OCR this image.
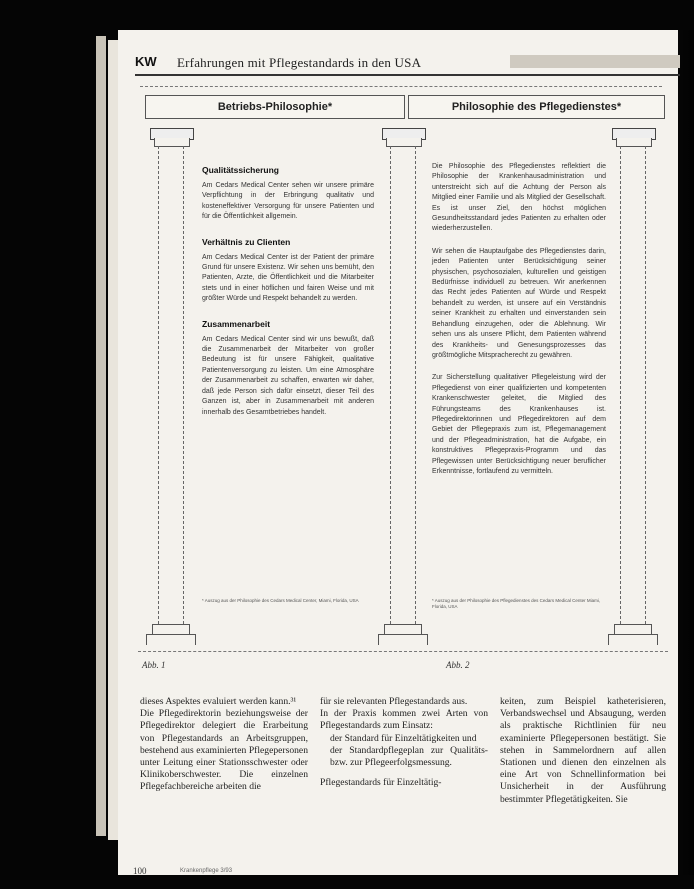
KW Erfahrungen mit Pflegestandards in den USA
Betriebs-Philosophie*	Philosophie des Pflegedienstes*
Qualitätssicherung

Am Cedars Medical Center sehen wir unsere primäre Verpflichtung in der Erbringung qualitativ und kosteneffektiver Versorgung für unsere Patienten und für die Öffentlichkeit allgemein.

Verhältnis zu Clienten

Am Cedars Medical Center ist der Patient der primäre Grund für unsere Existenz. Wir sehen uns bemüht, den Patienten, Arzte, die Öffentlichkeit und die Mitarbeiter stets und in einer höflichen und fairen Weise und mit größter Würde und Respekt behandelt zu werden.

Zusammenarbeit

Am Cedars Medical Center sind wir uns bewußt, daß die Zusammenarbeit der Mitarbeiter von großer Bedeutung ist für unsere Fähigkeit, qualitative Patientenversorgung zu leisten. Um eine Atmosphäre der Zusammenarbeit zu schaffen, erwarten wir daher, daß jede Person sich dafür einsetzt, dieser Teil des Ganzen ist, aber in Zusammenarbeit mit anderen innerhalb des Gesamtbetriebes handelt.

* Auszug aus der Philosophie des Cedars Medical Center, Miami, Florida, USA

Die Philosophie des Pflegedienstes reflektiert die Philosophie der Krankenhausadministration und unterstreicht sich auf die Achtung der Person als Mitglied einer Familie und als Mitglied der Gesellschaft. Es ist unser Ziel, den höchst möglichen Gesundheitsstandard jedes Patienten zu erhalten oder wiederherzustellen.

Wir sehen die Hauptaufgabe des Pflegedienstes darin, jeden Patienten unter Berücksichtigung seiner physischen, psychosozialen, kulturellen und geistigen Bedürfnisse individuell zu betreuen. Wir anerkennen das Recht jedes Patienten auf Würde und Respekt behandelt zu werden, ist unsere auf ein Verständnis seiner Krankheit zu erhalten und einverstanden sein Behandlung einzugehen, oder die Ablehnung. Wir sehen uns als unsere Pflicht, dem Patienten während des Krankheits- und Genesungsprozesses das größtmögliche Mitspracherecht zu gewähren.

Zur Sicherstellung qualitativer Pflegeleistung wird der Pflegedienst von einer qualifizierten und kompetenten Krankenschwester geleitet, die Mitglied des Führungsteams des Krankenhauses ist. Pflegedirektorinnen und Pflegedirektoren auf dem Gebiet der Pflegepraxis zum ist, Pflegemanagement und der Pflegeadministration, hat die Aufgabe, ein konstruktives Pflegepraxis-Programm und das Pflegewissen unter Berücksichtigung neuer beruflicher Erkenntnisse, fortlaufend zu vermitteln.

* Auszug aus der Philosophie des Pflegedienstes des Cedars Medical Center Miami, Florida, USA
Abb. 1	Abb. 2

dieses Aspektes evaluiert werden kann.³¹

Die Pflegedirektorin beziehungsweise der Pflegedirektor delegiert die Erarbeitung von Pflegestandards an Arbeitsgruppen, bestehend aus examinierten Pflegepersonen unter Leitung einer Stationsschwester oder Klinikoberschwester. Die einzelnen Pflegefachbereiche arbeiten die

für sie relevanten Pflegestandards aus.

In der Praxis kommen zwei Arten von Pflegestandards zum Einsatz:

der Standard für Einzeltätigkeiten und

der Standardpflegeplan zur Qualitäts- bzw. zur Pflegeerfolgsmessung.

Pflegestandards für Einzeltätig-

keiten, zum Beispiel katheterisieren, Verbandswechsel und Absaugung, werden als praktische Richtlinien für neu examinierte Pflegepersonen bestätigt. Sie stehen in Sammelordnern auf allen Stationen und dienen den einzelnen als eine Art von Schnellinformation bei Unsicherheit in der Ausführung bestimmter Pflegetätigkeiten. Sie

100	Krankenpflege 3/93
